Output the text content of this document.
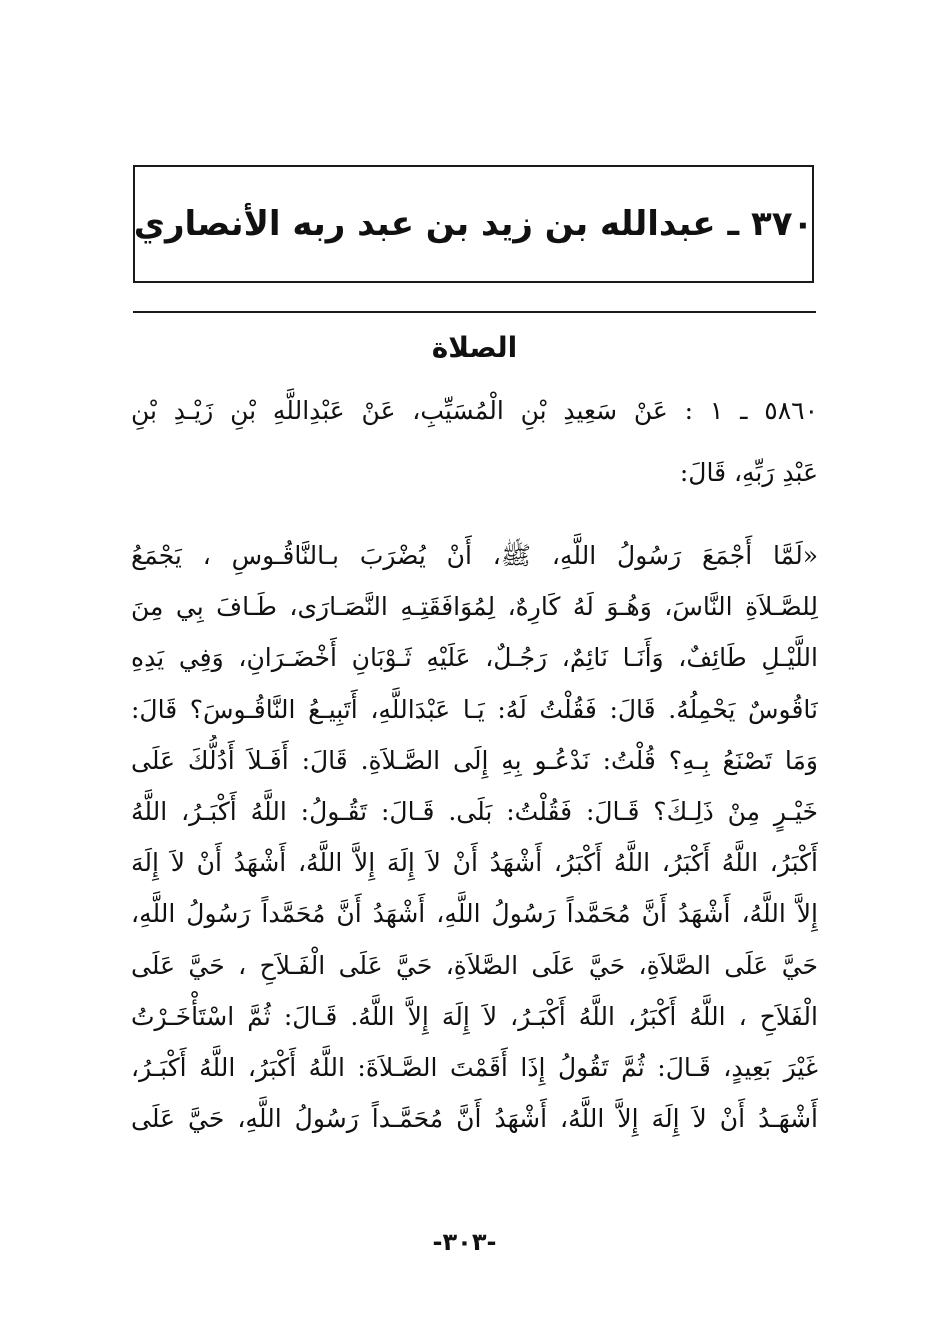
٣٧٠ ـ عبدالله بن زيد بن عبد ربه الأنصاري
الصلاة
٥٨٦٠ ـ ١ : عَنْ سَعِيدِ بْنِ الْمُسَيِّبِ، عَنْ عَبْدِاللَّهِ بْنِ زَيْـدِ بْنِ
عَبْدِ رَبِّهِ، قَالَ:
«لَمَّا أَجْمَعَ رَسُولُ اللَّهِ، ﷺ، أَنْ يُضْرَبَ بـالنَّاقُـوسِ ، يَجْمَعُ
لِلصَّـلاَةِ النَّاسَ، وَهُـوَ لَهُ كَارِهٌ، لِمُوَافَقَتِـهِ النَّصَـارَى، طَـافَ بِي مِنَ
اللَّيْـلِ طَائِفٌ، وَأَنَـا نَائِمٌ، رَجُـلٌ، عَلَيْهِ ثَـوْبَانِ أَخْضَـرَانِ، وَفِي يَدِهِ
نَاقُوسٌ يَحْمِلُهُ. قَالَ: فَقُلْتُ لَهُ: يَـا عَبْدَاللَّهِ، أَتَبِيـعُ النَّاقُـوسَ؟ قَالَ:
وَمَا تَصْنَعُ بِـهِ؟ قُلْتُ: نَدْعُـو بِهِ إِلَى الصَّـلاَةِ. قَالَ: أَفَـلاَ أَدُلُّكَ عَلَى
خَيْـرٍ مِنْ ذَلِـكَ؟ قَـالَ: فَقُلْتُ: بَلَى. قَـالَ: تَقُـولُ: اللَّهُ أَكْبَـرُ، اللَّهُ
أَكْبَرُ، اللَّهُ أَكْبَرُ، اللَّهُ أَكْبَرُ، أَشْهَدُ أَنْ لاَ إِلَهَ إِلاَّ اللَّهُ، أَشْهَدُ أَنْ لاَ إِلَهَ
إِلاَّ اللَّهُ، أَشْهَدُ أَنَّ مُحَمَّداً رَسُولُ اللَّهِ، أَشْهَدُ أَنَّ مُحَمَّداً رَسُولُ اللَّهِ،
حَيَّ عَلَى الصَّلاَةِ، حَيَّ عَلَى الصَّلاَةِ، حَيَّ عَلَى الْفَـلاَحِ ، حَيَّ عَلَى
الْفَلاَحِ ، اللَّهُ أَكْبَرُ، اللَّهُ أَكْبَـرُ، لاَ إِلَهَ إِلاَّ اللَّهُ. قَـالَ: ثُمَّ اسْتَأْخَـرْتُ
غَيْرَ بَعِيدٍ، قَـالَ: ثُمَّ تَقُولُ إِذَا أَقَمْتَ الصَّـلاَةَ: اللَّهُ أَكْبَرُ، اللَّهُ أَكْبَـرُ،
أَشْهَـدُ أَنْ لاَ إِلَهَ إِلاَّ اللَّهُ، أَشْهَدُ أَنَّ مُحَمَّـداً رَسُولُ اللَّهِ، حَيَّ عَلَى
-٣٠٣-
